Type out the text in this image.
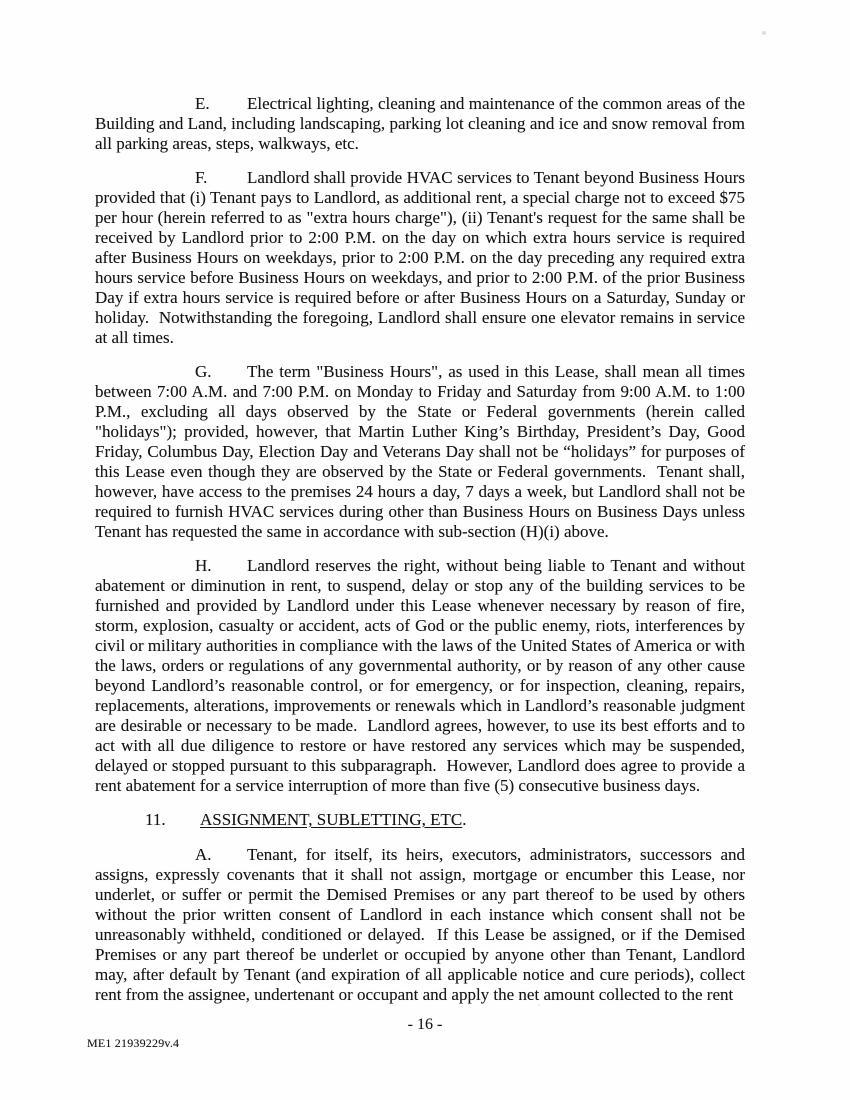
E. Electrical lighting, cleaning and maintenance of the common areas of the Building and Land, including landscaping, parking lot cleaning and ice and snow removal from all parking areas, steps, walkways, etc.

F. Landlord shall provide HVAC services to Tenant beyond Business Hours provided that (i) Tenant pays to Landlord, as additional rent, a special charge not to exceed $75 per hour (herein referred to as "extra hours charge"), (ii) Tenant's request for the same shall be received by Landlord prior to 2:00 P.M. on the day on which extra hours service is required after Business Hours on weekdays, prior to 2:00 P.M. on the day preceding any required extra hours service before Business Hours on weekdays, and prior to 2:00 P.M. of the prior Business Day if extra hours service is required before or after Business Hours on a Saturday, Sunday or holiday.  Notwithstanding the foregoing, Landlord shall ensure one elevator remains in service at all times.

G. The term "Business Hours", as used in this Lease, shall mean all times between 7:00 A.M. and 7:00 P.M. on Monday to Friday and Saturday from 9:00 A.M. to 1:00 P.M., excluding all days observed by the State or Federal governments (herein called "holidays"); provided, however, that Martin Luther King’s Birthday, President’s Day, Good Friday, Columbus Day, Election Day and Veterans Day shall not be “holidays” for purposes of this Lease even though they are observed by the State or Federal governments.  Tenant shall, however, have access to the premises 24 hours a day, 7 days a week, but Landlord shall not be required to furnish HVAC services during other than Business Hours on Business Days unless Tenant has requested the same in accordance with sub-section (H)(i) above.

H. Landlord reserves the right, without being liable to Tenant and without abatement or diminution in rent, to suspend, delay or stop any of the building services to be furnished and provided by Landlord under this Lease whenever necessary by reason of fire, storm, explosion, casualty or accident, acts of God or the public enemy, riots, interferences by civil or military authorities in compliance with the laws of the United States of America or with the laws, orders or regulations of any governmental authority, or by reason of any other cause beyond Landlord’s reasonable control, or for emergency, or for inspection, cleaning, repairs, replacements, alterations, improvements or renewals which in Landlord’s reasonable judgment are desirable or necessary to be made.  Landlord agrees, however, to use its best efforts and to act with all due diligence to restore or have restored any services which may be suspended, delayed or stopped pursuant to this subparagraph.  However, Landlord does agree to provide a rent abatement for a service interruption of more than five (5) consecutive business days.

11. ASSIGNMENT, SUBLETTING, ETC.

A. Tenant, for itself, its heirs, executors, administrators, successors and assigns, expressly covenants that it shall not assign, mortgage or encumber this Lease, nor underlet, or suffer or permit the Demised Premises or any part thereof to be used by others without the prior written consent of Landlord in each instance which consent shall not be unreasonably withheld, conditioned or delayed.  If this Lease be assigned, or if the Demised Premises or any part thereof be underlet or occupied by anyone other than Tenant, Landlord may, after default by Tenant (and expiration of all applicable notice and cure periods), collect rent from the assignee, undertenant or occupant and apply the net amount collected to the rent

- 16 -
ME1 21939229v.4
